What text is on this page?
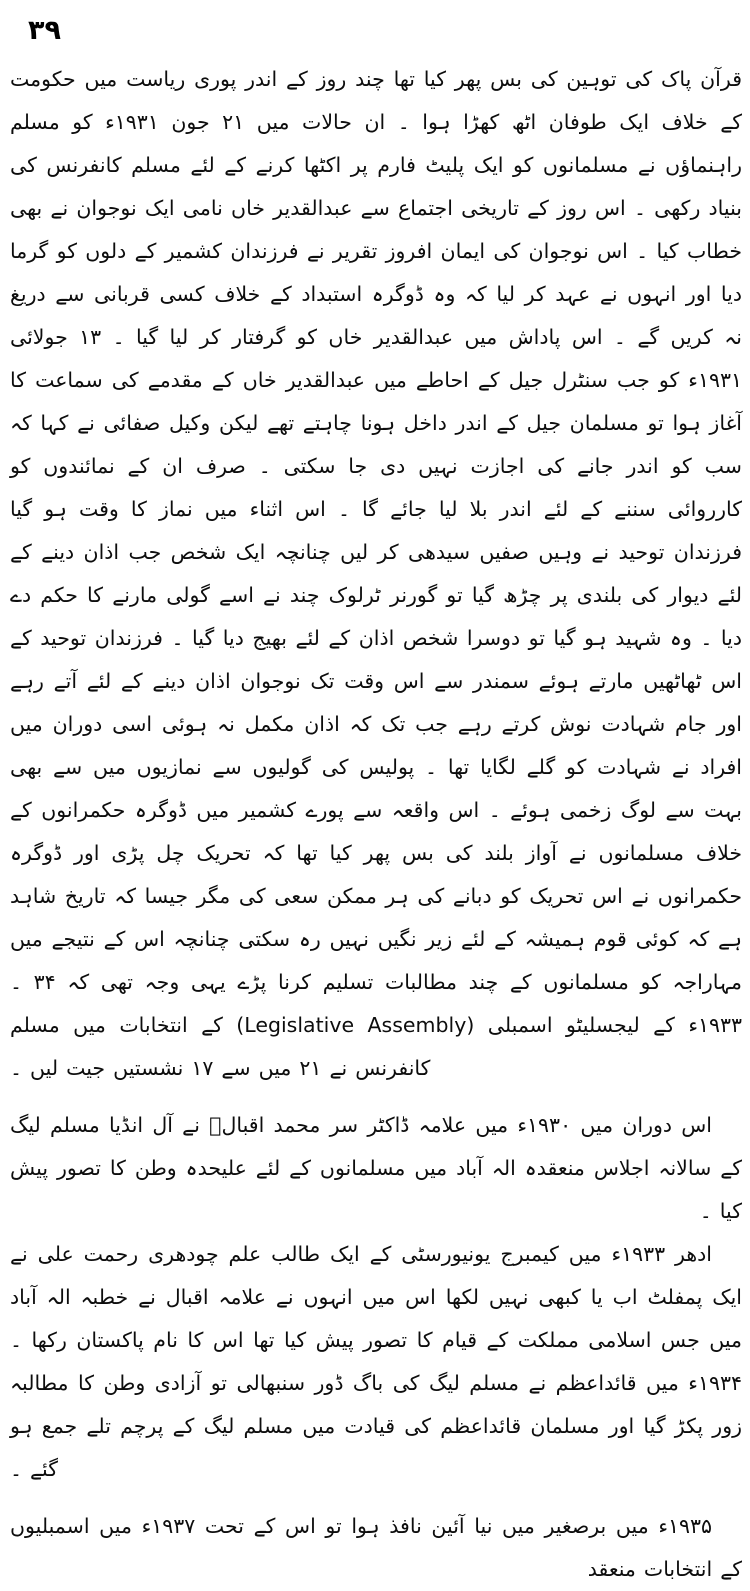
۳۹

قرآن پاک کی توہین کی بس پھر کیا تھا چند روز کے اندر پوری ریاست میں حکومت کے خلاف ایک طوفان اٹھ کھڑا ہوا ۔ ان حالات میں ۲۱ جون ۱۹۳۱ء کو مسلم راہنماؤں نے مسلمانوں کو ایک پلیٹ فارم پر اکٹھا کرنے کے لئے مسلم کانفرنس کی بنیاد رکھی ۔ اس روز کے تاریخی اجتماع سے عبدالقدیر خاں نامی ایک نوجوان نے بھی خطاب کیا ۔ اس نوجوان کی ایمان افروز تقریر نے فرزندان کشمیر کے دلوں کو گرما دیا اور انہوں نے عہد کر لیا کہ وہ ڈوگرہ استبداد کے خلاف کسی قربانی سے دریغ نہ کریں گے ۔ اس پاداش میں عبدالقدیر خاں کو گرفتار کر لیا گیا ۔ ۱۳ جولائی ۱۹۳۱ء کو جب سنٹرل جیل کے احاطے میں عبدالقدیر خاں کے مقدمے کی سماعت کا آغاز ہوا تو مسلمان جیل کے اندر داخل ہونا چاہتے تھے لیکن وکیل صفائی نے کہا کہ سب کو اندر جانے کی اجازت نہیں دی جا سکتی ۔ صرف ان کے نمائندوں کو کارروائی سننے کے لئے اندر بلا لیا جائے گا ۔ اس اثناء میں نماز کا وقت ہو گیا فرزندان توحید نے وہیں صفیں سیدھی کر لیں چنانچہ ایک شخص جب اذان دینے کے لئے دیوار کی بلندی پر چڑھ گیا تو گورنر ٹرلوک چند نے اسے گولی مارنے کا حکم دے دیا ۔ وہ شہید ہو گیا تو دوسرا شخص اذان کے لئے بھیج دیا گیا ۔ فرزندان توحید کے اس ٹھاٹھیں مارتے ہوئے سمندر سے اس وقت تک نوجوان اذان دینے کے لئے آتے رہے اور جام شہادت نوش کرتے رہے جب تک کہ اذان مکمل نہ ہوئی اسی دوران میں افراد نے شہادت کو گلے لگایا تھا ۔ پولیس کی گولیوں سے نمازیوں میں سے بھی بہت سے لوگ زخمی ہوئے ۔ اس واقعہ سے پورے کشمیر میں ڈوگرہ حکمرانوں کے خلاف مسلمانوں نے آواز بلند کی بس پھر کیا تھا کہ تحریک چل پڑی اور ڈوگرہ حکمرانوں نے اس تحریک کو دبانے کی ہر ممکن سعی کی مگر جیسا کہ تاریخ شاہد ہے کہ کوئی قوم ہمیشہ کے لئے زیر نگیں نہیں رہ سکتی چنانچہ اس کے نتیجے میں مہاراجہ کو مسلمانوں کے چند مطالبات تسلیم کرنا پڑے یہی وجہ تھی کہ ۳۴ ۔ ۱۹۳۳ء کے لیجسلیٹو اسمبلی (Legislative Assembly) کے انتخابات میں مسلم کانفرنس نے ۲۱ میں سے ۱۷ نشستیں جیت لیں ۔

اس دوران میں ۱۹۳۰ء میں علامہ ڈاکٹر سر محمد اقبالؒ نے آل انڈیا مسلم لیگ کے سالانہ اجلاس منعقدہ الہ آباد میں مسلمانوں کے لئے علیحدہ وطن کا تصور پیش کیا ۔

ادھر ۱۹۳۳ء میں کیمبرج یونیورسٹی کے ایک طالب علم چودھری رحمت علی نے ایک پمفلٹ اب یا کبھی نہیں لکھا اس میں انہوں نے علامہ اقبال نے خطبہ الہ آباد میں جس اسلامی مملکت کے قیام کا تصور پیش کیا تھا اس کا نام پاکستان رکھا ۔ ۱۹۳۴ء میں قائداعظم نے مسلم لیگ کی باگ ڈور سنبھالی تو آزادی وطن کا مطالبہ زور پکڑ گیا اور مسلمان قائداعظم کی قیادت میں مسلم لیگ کے پرچم تلے جمع ہو گئے ۔

۱۹۳۵ء میں برصغیر میں نیا آئین نافذ ہوا تو اس کے تحت ۱۹۳۷ء میں اسمبلیوں کے انتخابات منعقد
